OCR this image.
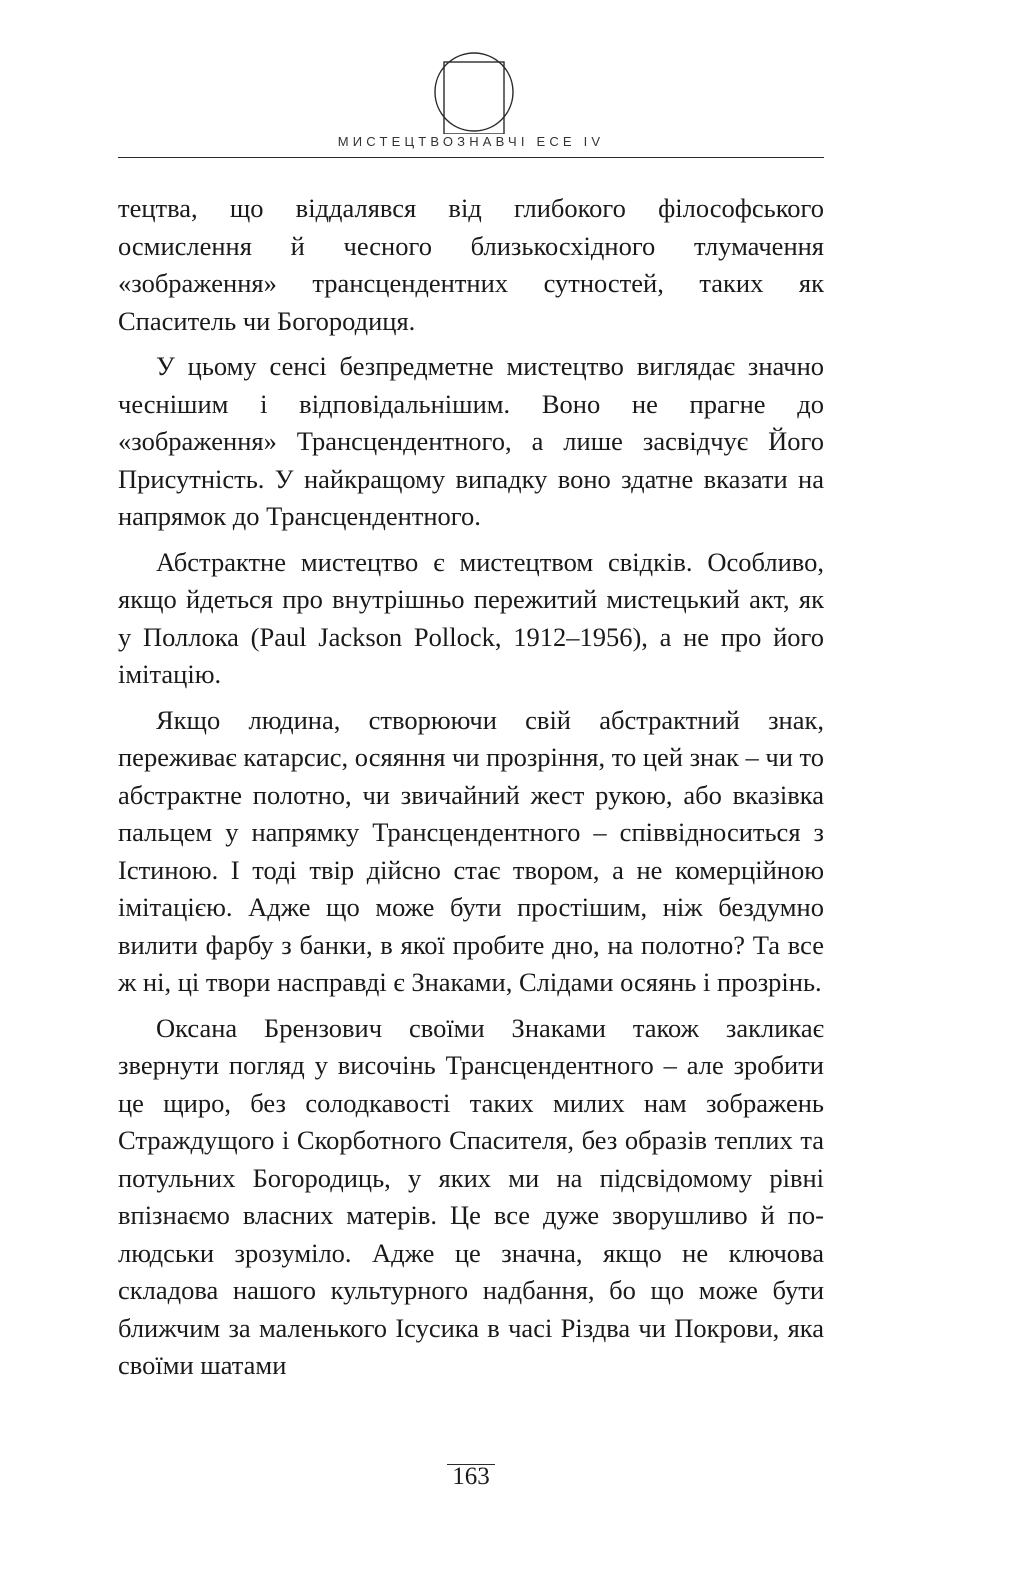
МИСТЕЦТВОЗНАВЧІ ЕСЕ IV

тецтва, що віддалявся від глибокого філософського осмислення й чесного близькосхідного тлумачення «зображення» трансцендентних сутностей, таких як Спаситель чи Богородиця.

У цьому сенсі безпредметне мистецтво виглядає значно чеснішим і відповідальнішим. Воно не прагне до «зображення» Трансцендентного, а лише засвідчує Його Присутність. У найкращому випадку воно здатне вказати на напрямок до Трансцендентного.

Абстрактне мистецтво є мистецтвом свідків. Особливо, якщо йдеться про внутрішньо пережитий мистецький акт, як у Поллока (Paul Jackson Pollock, 1912–1956), а не про його імітацію.

Якщо людина, створюючи свій абстрактний знак, переживає катарсис, осяяння чи прозріння, то цей знак – чи то абстрактне полотно, чи звичайний жест рукою, або вказівка пальцем у напрямку Трансцендентного – співвідноситься з Істиною. І тоді твір дійсно стає твором, а не комерційною імітацією. Адже що може бути простішим, ніж бездумно вилити фарбу з банки, в якої пробите дно, на полотно? Та все ж ні, ці твори насправді є Знаками, Слідами осяянь і прозрінь.

Оксана Брензович своїми Знаками також закликає звернути погляд у височінь Трансцендентного – але зробити це щиро, без солодкавості таких милих нам зображень Страждущого і Скорботного Спасителя, без образів теплих та потульних Богородиць, у яких ми на підсвідомому рівні впізнаємо власних матерів. Це все дуже зворушливо й по-людськи зрозуміло. Адже це значна, якщо не ключова складова нашого культурного надбання, бо що може бути ближчим за маленького Ісусика в часі Різдва чи Покрови, яка своїми шатами

163
